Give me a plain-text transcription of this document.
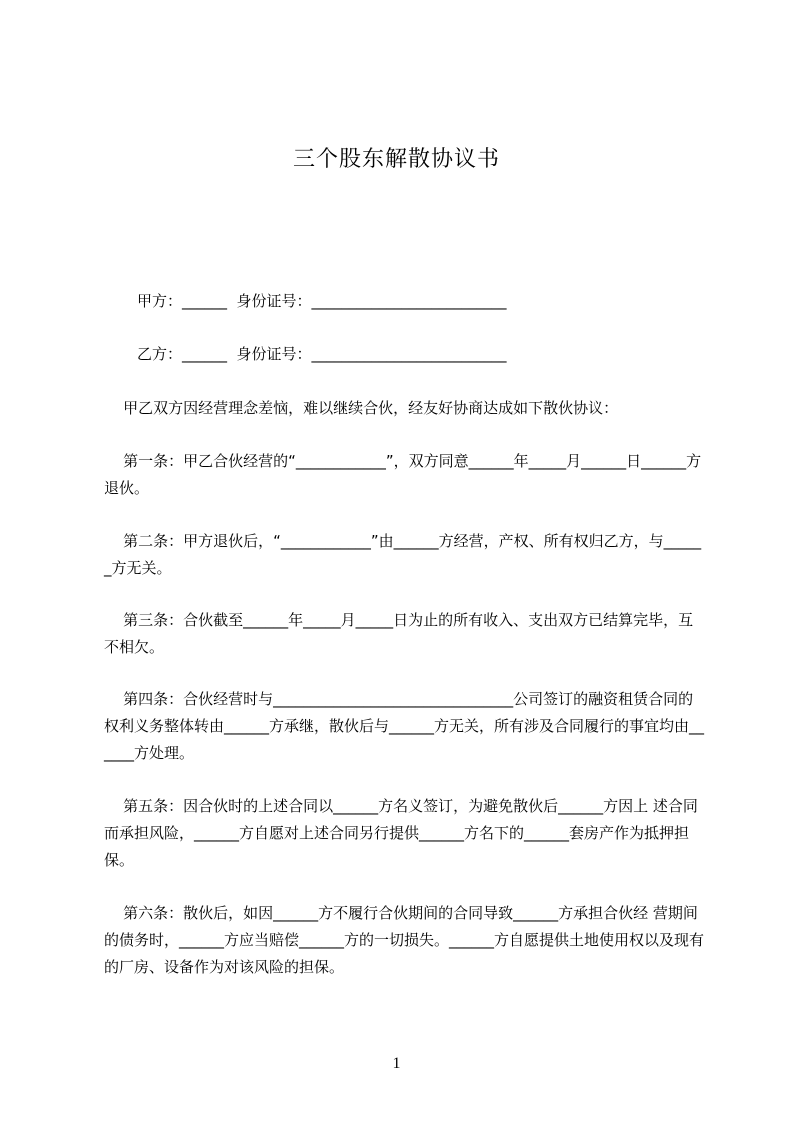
三个股东解散协议书
甲方：______  身份证号：__________________________
乙方：______  身份证号：__________________________
甲乙双方因经营理念差恼，难以继续合伙，经友好协商达成如下散伙协议：
第一条：甲乙合伙经营的“____________”，双方同意______年_____月______日______方退伙。
第二条：甲方退伙后，“____________”由______方经营，产权、所有权归乙方，与______方无关。
第三条：合伙截至______年_____月_____日为止的所有收入、支出双方已结算完毕，互不相欠。
第四条：合伙经营时与________________________________公司签订的融资租赁合同的 权利义务整体转由______方承继，散伙后与______方无关，所有涉及合同履行的事宜均由______方处理。
第五条：因合伙时的上述合同以______方名义签订，为避免散伙后______方因上 述合同而承担风险，______方自愿对上述合同另行提供______方名下的______套房产作为抵押担保。
第六条：散伙后，如因______方不履行合伙期间的合同导致______方承担合伙经 营期间的债务时，______方应当赔偿______方的一切损失。______方自愿提供土地使用权以及现有的厂房、设备作为对该风险的担保。
1
